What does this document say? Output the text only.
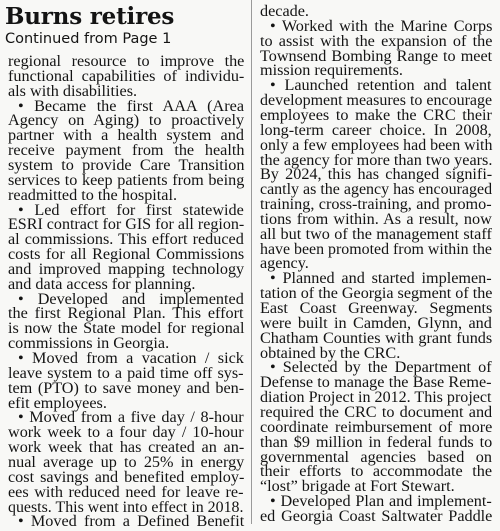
Burns retires
Continued from Page 1
regional resource to improve the
functional capabilities of individu-
als with disabilities.
• Became the first AAA (Area
Agency on Aging) to proactively
partner with a health system and
receive payment from the health
system to provide Care Transition
services to keep patients from being
readmitted to the hospital.
• Led effort for first statewide
ESRI contract for GIS for all region-
al commissions. This effort reduced
costs for all Regional Commissions
and improved mapping technology
and data access for planning.
• Developed and implemented
the first Regional Plan. This effort
is now the State model for regional
commissions in Georgia.
• Moved from a vacation / sick
leave system to a paid time off sys-
tem (PTO) to save money and ben-
efit employees.
• Moved from a five day / 8-hour
work week to a four day / 10-hour
work week that has created an an-
nual average up to 25% in energy
cost savings and benefited employ-
ees with reduced need for leave re-
quests. This went into effect in 2018.
• Moved from a Defined Benefit
decade.
• Worked with the Marine Corps
to assist with the expansion of the
Townsend Bombing Range to meet
mission requirements.
• Launched retention and talent
development measures to encourage
employees to make the CRC their
long-term career choice. In 2008,
only a few employees had been with
the agency for more than two years.
By 2024, this has changed signifi-
cantly as the agency has encouraged
training, cross-training, and promo-
tions from within. As a result, now
all but two of the management staff
have been promoted from within the
agency.
• Planned and started implemen-
tation of the Georgia segment of the
East Coast Greenway. Segments
were built in Camden, Glynn, and
Chatham Counties with grant funds
obtained by the CRC.
• Selected by the Department of
Defense to manage the Base Reme-
diation Project in 2012. This project
required the CRC to document and
coordinate reimbursement of more
than $9 million in federal funds to
governmental agencies based on
their efforts to accommodate the
“lost” brigade at Fort Stewart.
• Developed Plan and implement-
ed Georgia Coast Saltwater Paddle
